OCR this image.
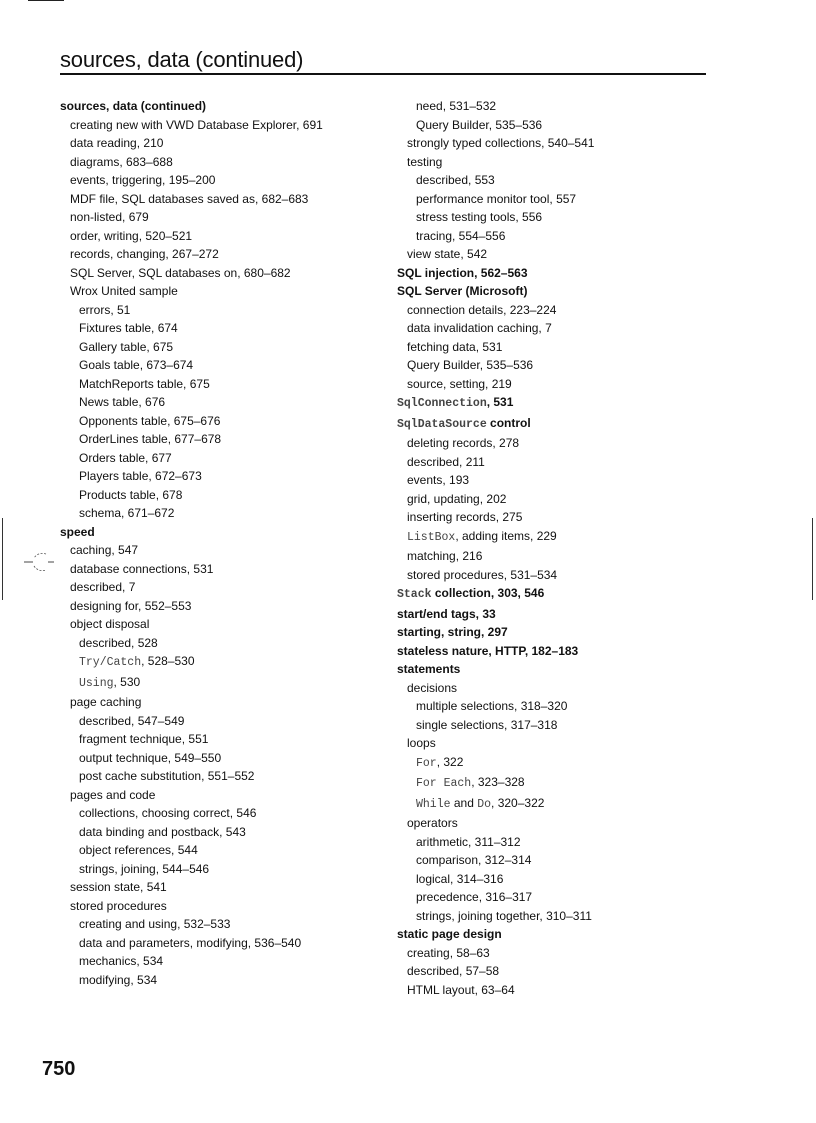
sources, data (continued)
sources, data (continued)
creating new with VWD Database Explorer, 691
data reading, 210
diagrams, 683–688
events, triggering, 195–200
MDF file, SQL databases saved as, 682–683
non-listed, 679
order, writing, 520–521
records, changing, 267–272
SQL Server, SQL databases on, 680–682
Wrox United sample
errors, 51
Fixtures table, 674
Gallery table, 675
Goals table, 673–674
MatchReports table, 675
News table, 676
Opponents table, 675–676
OrderLines table, 677–678
Orders table, 677
Players table, 672–673
Products table, 678
schema, 671–672
speed
caching, 547
database connections, 531
described, 7
designing for, 552–553
object disposal
described, 528
Try/Catch, 528–530
Using, 530
page caching
described, 547–549
fragment technique, 551
output technique, 549–550
post cache substitution, 551–552
pages and code
collections, choosing correct, 546
data binding and postback, 543
object references, 544
strings, joining, 544–546
session state, 541
stored procedures
creating and using, 532–533
data and parameters, modifying, 536–540
mechanics, 534
modifying, 534
need, 531–532
Query Builder, 535–536
strongly typed collections, 540–541
testing
described, 553
performance monitor tool, 557
stress testing tools, 556
tracing, 554–556
view state, 542
SQL injection, 562–563
SQL Server (Microsoft)
connection details, 223–224
data invalidation caching, 7
fetching data, 531
Query Builder, 535–536
source, setting, 219
SqlConnection, 531
SqlDataSource control
deleting records, 278
described, 211
events, 193
grid, updating, 202
inserting records, 275
ListBox, adding items, 229
matching, 216
stored procedures, 531–534
Stack collection, 303, 546
start/end tags, 33
starting, string, 297
stateless nature, HTTP, 182–183
statements
decisions
multiple selections, 318–320
single selections, 317–318
loops
For, 322
For Each, 323–328
While and Do, 320–322
operators
arithmetic, 311–312
comparison, 312–314
logical, 314–316
precedence, 316–317
strings, joining together, 310–311
static page design
creating, 58–63
described, 57–58
HTML layout, 63–64
750
